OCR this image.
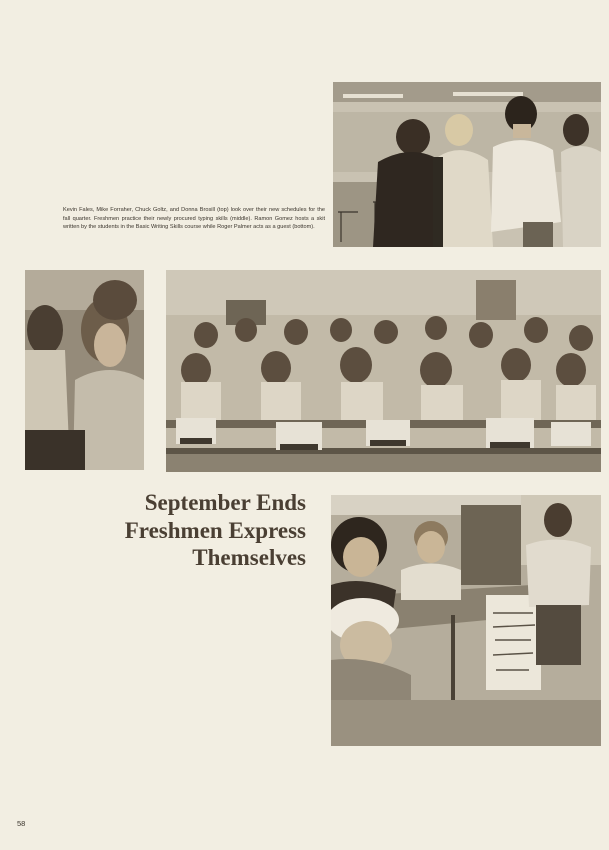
Kevin Fales, Mike Forraher, Chuck Goltz, and Donna Brosill (top) look over their new schedules for the fall quarter. Freshmen practice their newly procured typing skills (middle). Ramon Gomez hosts a skit written by the students in the Basic Writing Skills course while Roger Palmer acts as a guest (bottom).
September Ends
Freshmen Express
Themselves
58
